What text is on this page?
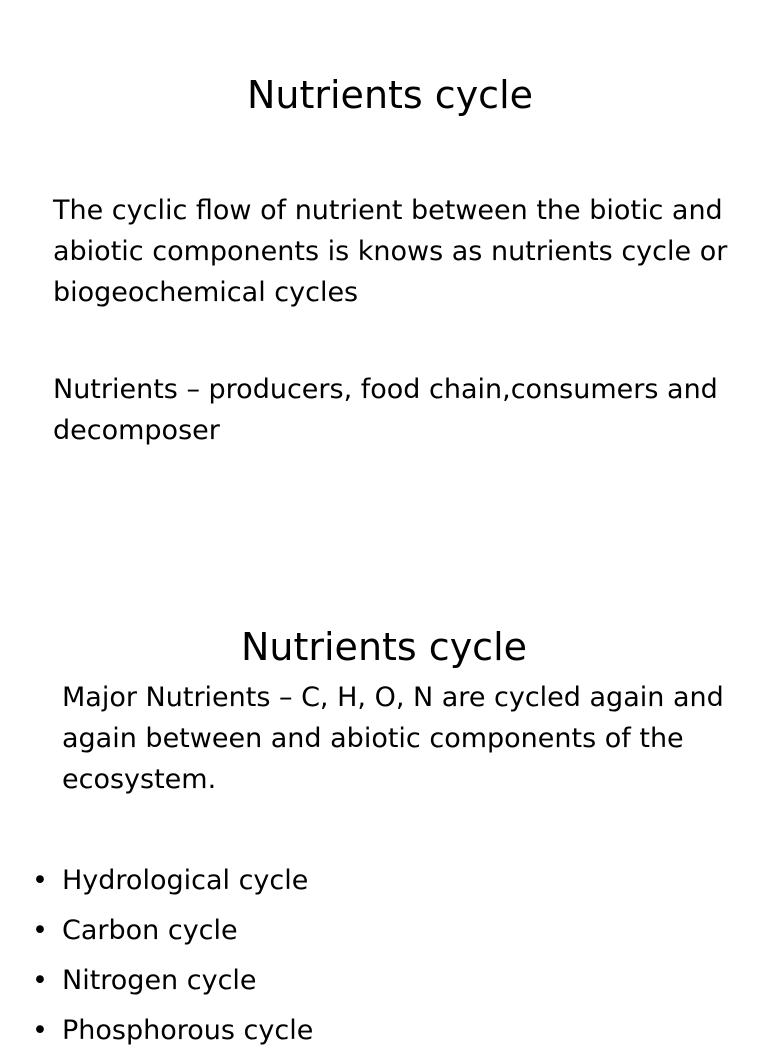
Nutrients cycle

The cyclic flow of nutrient between the biotic and abiotic components is knows as nutrients cycle or biogeochemical cycles

Nutrients – producers, food chain,consumers and decomposer

Nutrients cycle

Major Nutrients – C, H, O, N are cycled again and again between and abiotic components of the ecosystem.

• Hydrological cycle
• Carbon cycle
• Nitrogen cycle
• Phosphorous cycle
